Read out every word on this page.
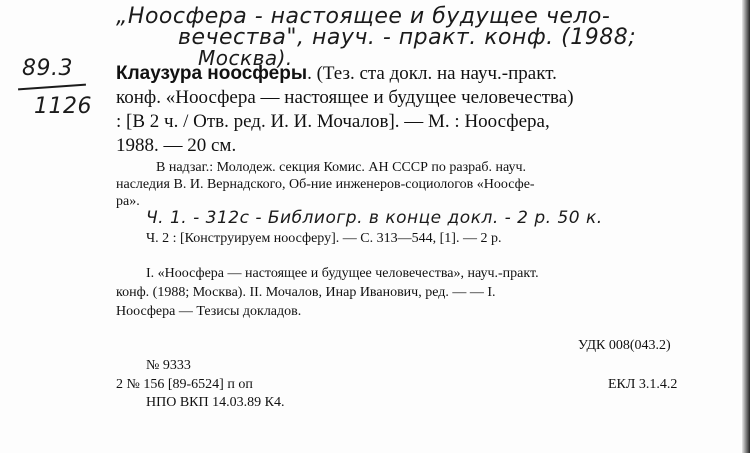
„Ноосфера - настоящее и будущее чело-
вечества", науч. - практ. конф. (1988;
Москва).
89.3
1126
Клаузура ноосферы. (Тез. ста докл. на науч.-практ.
конф. «Ноосфера — настоящее и будущее человечества)
: [В 2 ч. / Отв. ред. И. И. Мочалов]. — М. : Ноосфера,
1988. — 20 см.
В надзаг.: Молодеж. секция Комис. АН СССР по разраб. науч.
наследия В. И. Вернадского, Об-ние инженеров-социологов «Ноосфе-
ра».
Ч. 1. - 312с - Библиогр. в конце докл. - 2 р. 50 к.
Ч. 2 : [Конструируем ноосферу]. — С. 313—544, [1]. — 2 р.
I. «Ноосфера — настоящее и будущее человечества», науч.-практ.
конф. (1988; Москва). II. Мочалов, Инар Иванович, ред. — — I.
Ноосфера — Тезисы докладов.
УДК 008(043.2)
№ 9333
2 № 156 [89-6524] п оп	ЕКЛ 3.1.4.2
НПО ВКП 14.03.89 К4.
